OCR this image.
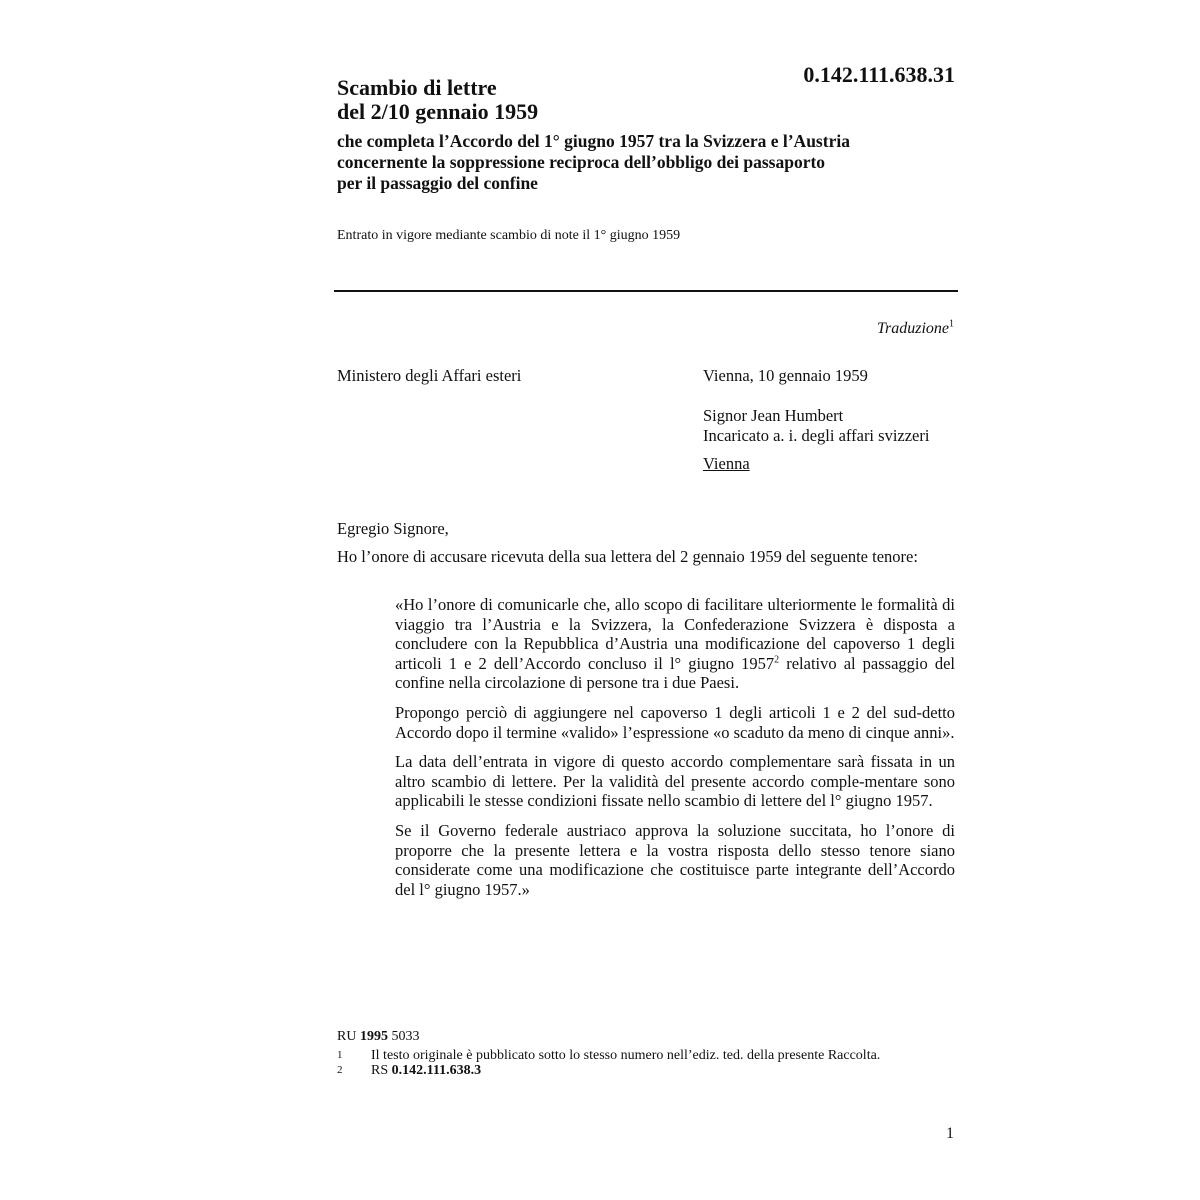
0.142.111.638.31
Scambio di lettre
del 2/10 gennaio 1959
che completa l’Accordo del 1° giugno 1957 tra la Svizzera e l’Austria
concernente la soppressione reciproca dell’obbligo dei passaporto
per il passaggio del confine
Entrato in vigore mediante scambio di note il 1° giugno 1959
Traduzione$^1$
Ministero degli Affari esteri	Vienna, 10 gennaio 1959
Signor Jean Humbert
Incaricato a. i. degli affari svizzeri
Vienna
Egregio Signore,
Ho l’onore di accusare ricevuta della sua lettera del 2 gennaio 1959 del seguente tenore:

«Ho l’onore di comunicarle che, allo scopo di facilitare ulteriormente le formalità di viaggio tra l’Austria e la Svizzera, la Confederazione Svizzera è disposta a concludere con la Repubblica d’Austria una modificazione del capoverso 1 degli articoli 1 e 2 dell’Accordo concluso il l° giugno 1957$^2$ relativo al passaggio del confine nella circolazione di persone tra i due Paesi.

Propongo perciò di aggiungere nel capoverso 1 degli articoli 1 e 2 del sud-detto Accordo dopo il termine «valido» l’espressione «o scaduto da meno di cinque anni».

La data dell’entrata in vigore di questo accordo complementare sarà fissata in un altro scambio di lettere. Per la validità del presente accordo comple-mentare sono applicabili le stesse condizioni fissate nello scambio di lettere del l° giugno 1957.

Se il Governo federale austriaco approva la soluzione succitata, ho l’onore di proporre che la presente lettera e la vostra risposta dello stesso tenore siano considerate come una modificazione che costituisce parte integrante dell’Accordo del l° giugno 1957.»

RU 1995 5033
1	Il testo originale è pubblicato sotto lo stesso numero nell’ediz. ted. della presente Raccolta.
2	RS 0.142.111.638.3
1
